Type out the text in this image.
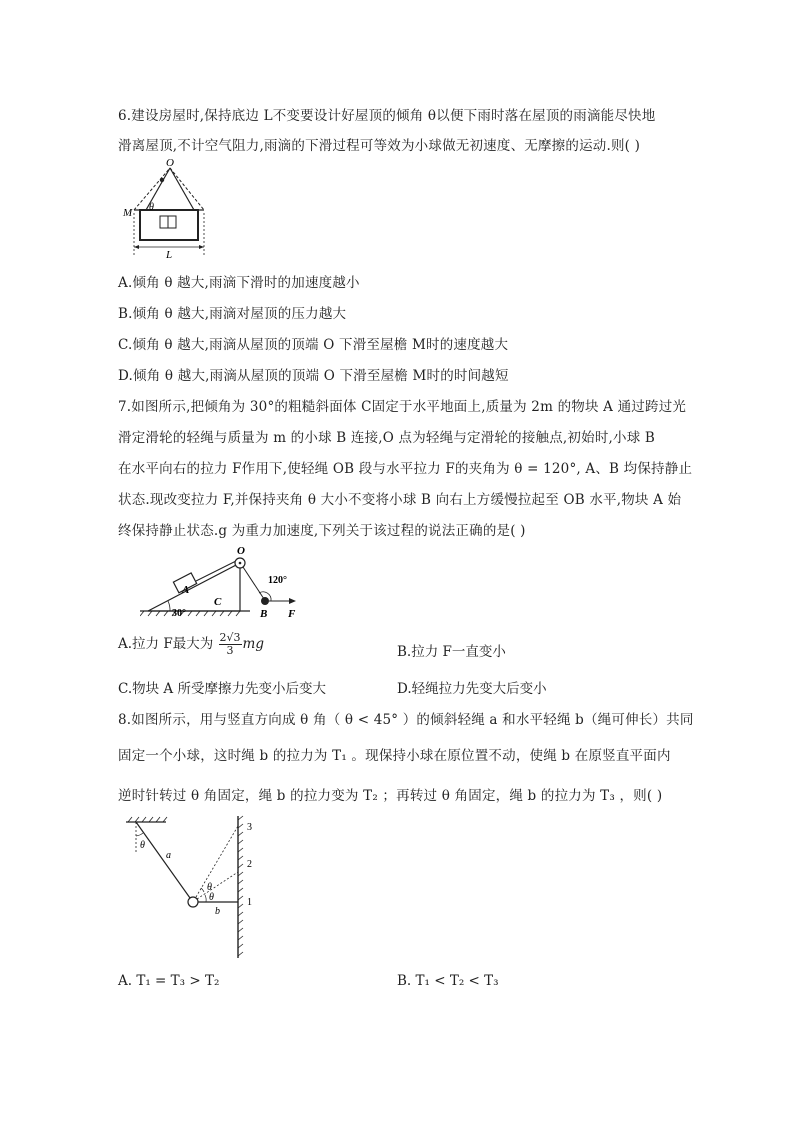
6.建设房屋时,保持底边 L不变要设计好屋顶的倾角 θ以便下雨时落在屋顶的雨滴能尽快地
滑离屋顶,不计空气阻力,雨滴的下滑过程可等效为小球做无初速度、无摩擦的运动.则( )
O
M θ
L
A.倾角 θ 越大,雨滴下滑时的加速度越小
B.倾角 θ 越大,雨滴对屋顶的压力越大
C.倾角 θ 越大,雨滴从屋顶的顶端 O 下滑至屋檐 M时的速度越大
D.倾角 θ 越大,雨滴从屋顶的顶端 O 下滑至屋檐 M时的时间越短
7.如图所示,把倾角为 30°的粗糙斜面体 C固定于水平地面上,质量为 2m 的物块 A 通过跨过光
滑定滑轮的轻绳与质量为 m 的小球 B 连接,O 点为轻绳与定滑轮的接触点,初始时,小球 B
在水平向右的拉力 F作用下,使轻绳 OB 段与水平拉力 F的夹角为 θ = 120°, A、B 均保持静止
状态.现改变拉力 F,并保持夹角 θ 大小不变将小球 B 向右上方缓慢拉起至 OB 水平,物块 A 始
终保持静止状态.g 为重力加速度,下列关于该过程的说法正确的是( )
O
A
C
B F
30°
120°
A.拉力 F最大为 $\frac{2√3}{3}$ mg	B.拉力 F一直变小
C.物块 A 所受摩擦力先变小后变大	D.轻绳拉力先变大后变小
8.如图所示，用与竖直方向成 θ 角（ θ < 45° ）的倾斜轻绳 a 和水平轻绳 b（绳可伸长）共同
固定一个小球，这时绳 b 的拉力为 T₁ 。现保持小球在原位置不动，使绳 b 在原竖直平面内
逆时针转过 θ 角固定，绳 b 的拉力变为 T₂ ；再转过 θ 角固定，绳 b 的拉力为 T₃ ，则( )
θ
a
θ
θ
b
1
2
3
A. T₁ = T₃ > T₂	B. T₁ < T₂ < T₃
